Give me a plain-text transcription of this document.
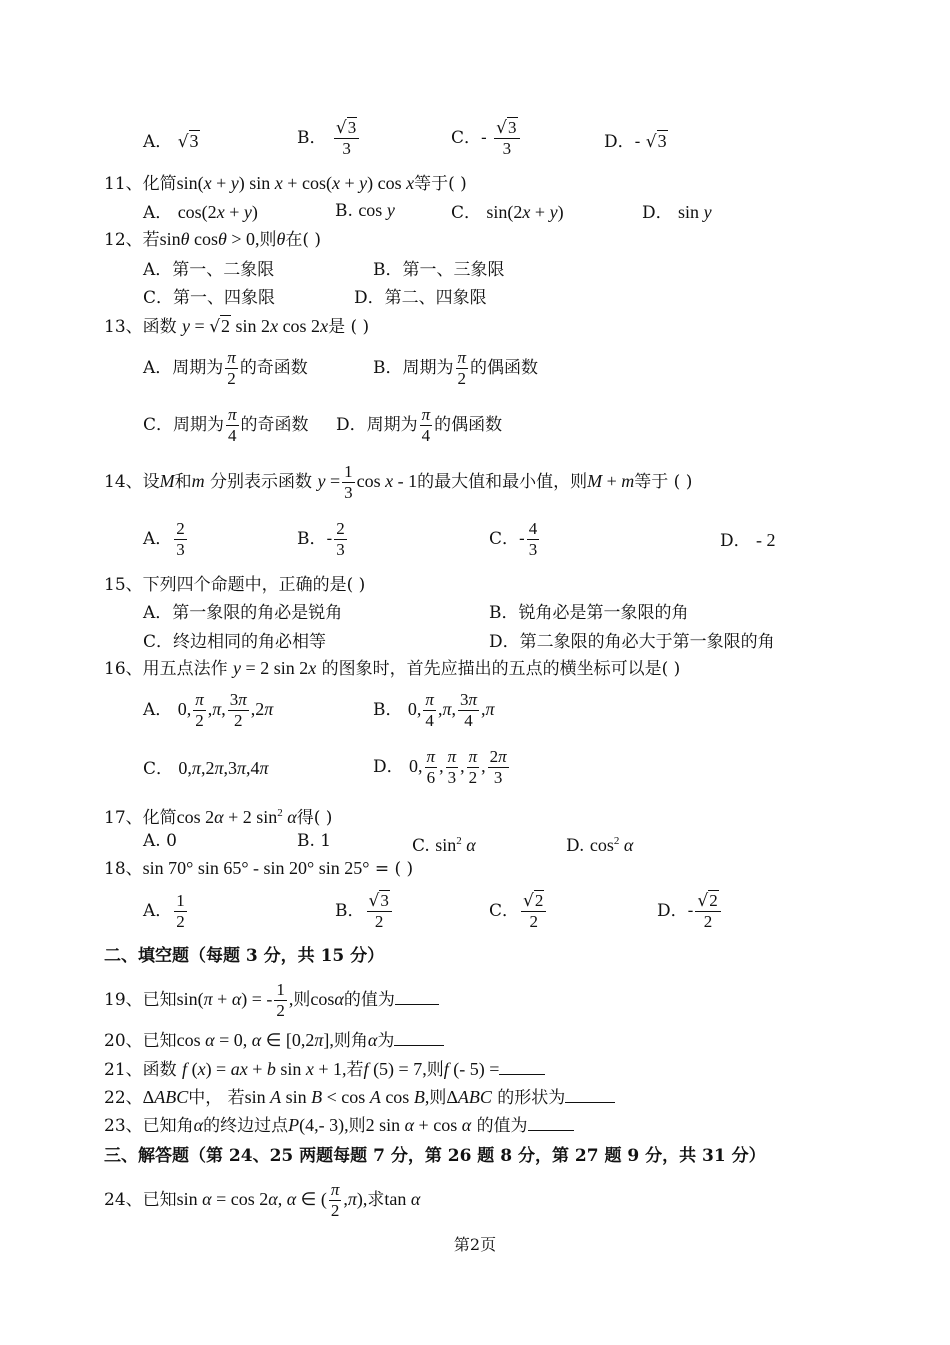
A． √3	B． $\frac{√3}{3}$	C．- $\frac{√3}{3}$	D．- √3
11、化简sin(x + y) sin x + cos(x + y) cos x等于( )
A． cos(2x + y)	B. cos y	C． sin(2x + y)	D． sin y
12、若sinθ cosθ > 0,则θ在( )
A．第一、二象限	B．第一、三象限
C．第一、四象限	D．第二、四象限
13、函数 y = √2 sin 2x cos 2x是 ( )
A．周期为 $\frac{\pi}{2}$ 的奇函数	B．周期为 $\frac{\pi}{2}$ 的偶函数
C．周期为 $\frac{\pi}{4}$ 的奇函数 D．周期为 $\frac{\pi}{4}$ 的偶函数
14、设M和m 分别表示函数 $y = \frac{1}{3}$ cos x - 1的最大值和最小值，则M + m等于 ( )
A． $\frac{2}{3}$	B．- $\frac{2}{3}$	C．- $\frac{4}{3}$	D． - 2
15、下列四个命题中，正确的是( )
A．第一象限的角必是锐角	B．锐角必是第一象限的角
C．终边相同的角必相等	D．第二象限的角必大于第一象限的角
16、用五点法作 y = 2 sin 2x 的图象时，首先应描出的五点的横坐标可以是( )
A． 0, $\frac{\pi}{2} ,\pi$, $\frac{3\pi}{2} ,2\pi$	B． 0, $\frac{\pi}{4} ,\pi$, $\frac{3\pi}{4} ,\pi$
C． 0,π,2π,3π,4π	D． 0, $\frac{\pi}{6}$ , $\frac{\pi}{3}$ , $\frac{\pi}{2}$ , $\frac{2\pi}{3}$
17、化简cos 2α + 2 $\sin^2 \alpha$得( )
A. 0	B. 1	C. $\sin^2 \alpha$	D. $\cos^2 \alpha$
18、sin 70° sin 65° - sin 20° sin 25° = ( )
A． $\frac{1}{2}$	B． $\frac{√3}{2}$	C． $\frac{√2}{2}$	D．- $\frac{√2}{2}$
二、填空题（每题 3 分，共 15 分）
19、已知sin(π + α) = - $\frac{1}{2}$ ,则cosα的值为
20、已知cos α = 0, α ∈ [0,2π],则角α为
21、函数 f (x) = ax + b sin x + 1,若f (5) = 7,则f (- 5) =
22、ΔABC中， 若sin A sin B < cos A cos B,则ΔABC 的形状为
23、已知角α的终边过点P(4,- 3),则2 sin α + cos α 的值为
三、解答题（第 24、25 两题每题 7 分，第 26 题 8 分，第 27 题 9 分，共 31 分）
24、已知sin α = cos 2α, α ∈ ( $\frac{\pi}{2} ,\pi$),求tan α
第2页
